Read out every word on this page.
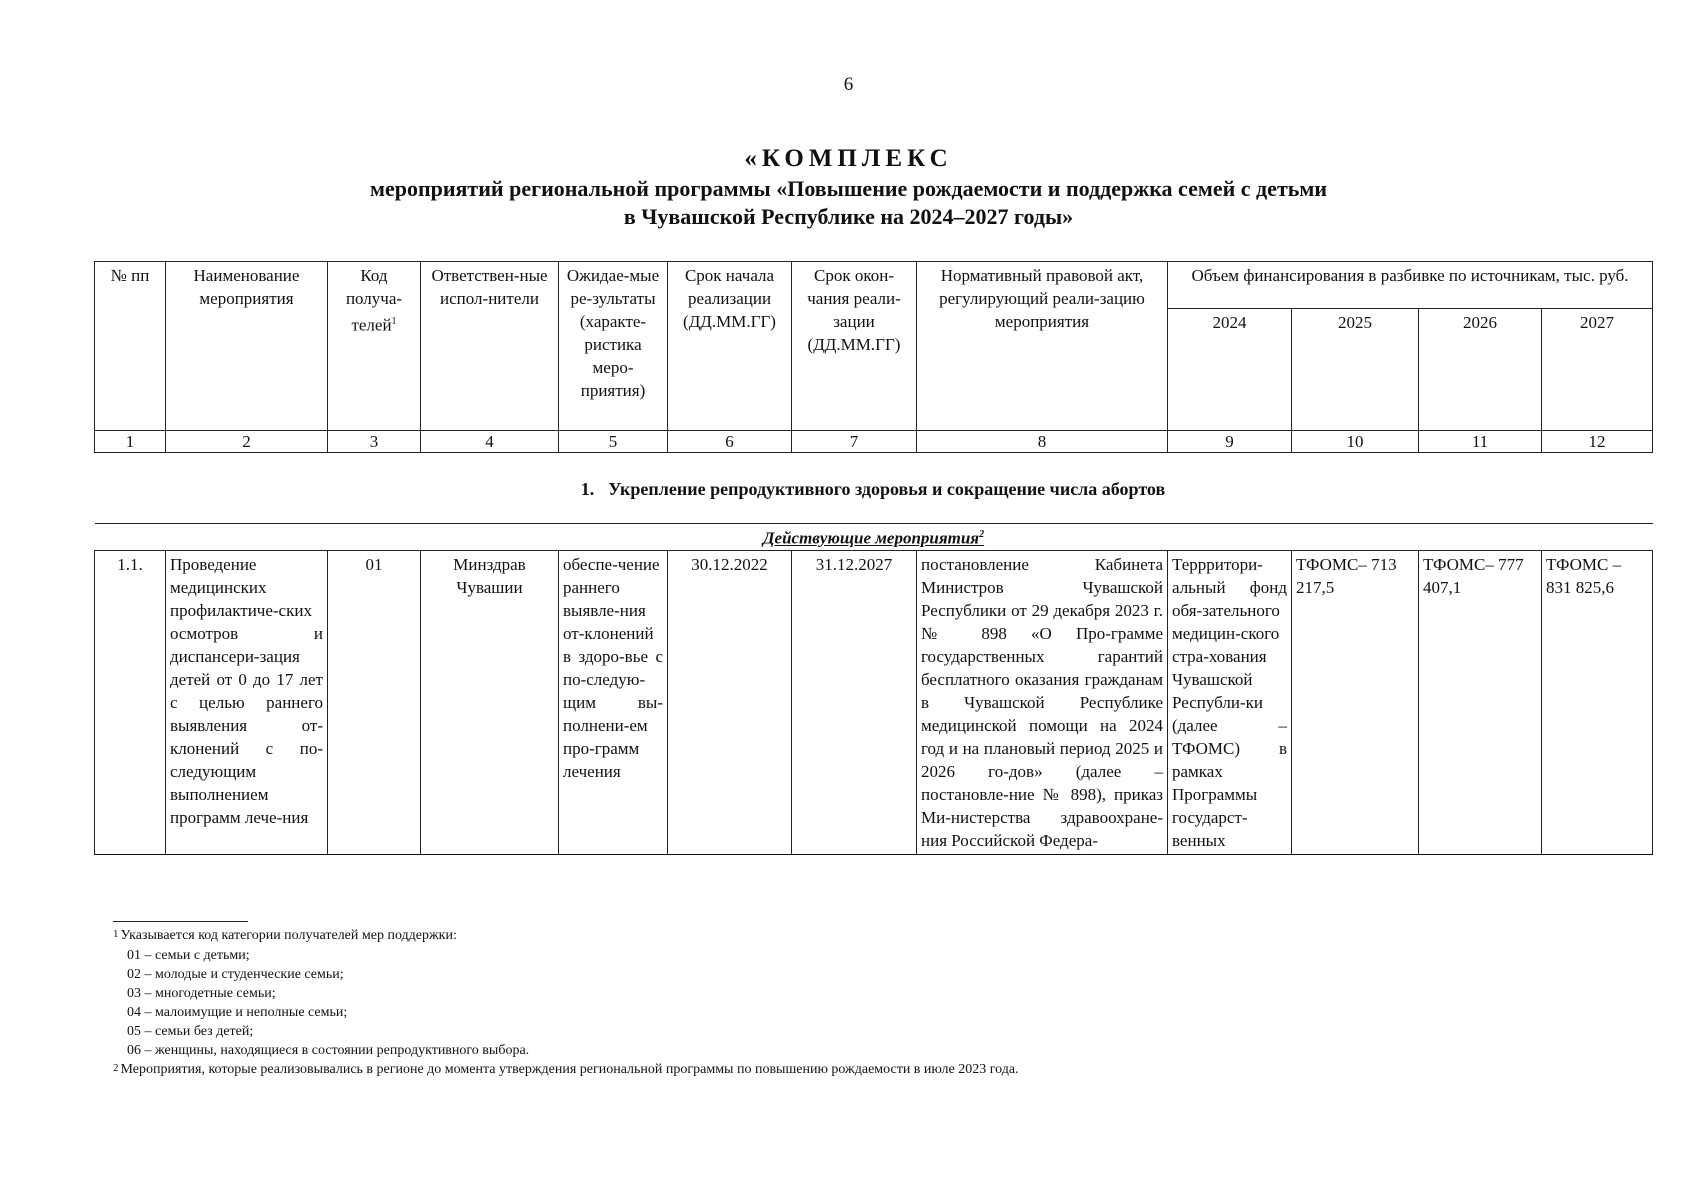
6
«КОМПЛЕКС
мероприятий региональной программы «Повышение рождаемости и поддержка семей с детьми
в Чувашской Республике на 2024–2027 годы»
№ пп	Наименование мероприятия	Код получа-телей$^1$	Ответствен-ные испол-нители	Ожидае-мые ре-зультаты (характе-ристика меро-приятия)	Срок начала реализации (ДД.ММ.ГГ)	Срок окон-чания реали-зации (ДД.ММ.ГГ)	Нормативный правовой акт, регулирующий реали-зацию мероприятия	Объем финансирования в разбивке по источникам, тыс. руб.			
								2024	2025	2026	2027
1	2	3	4	5	6	7	8	9	10	11	12
1. Укрепление репродуктивного здоровья и сокращение числа абортов
Действующие мероприятия$^2$
1.1.	Проведение медицинских профилактиче-ских осмотров и диспансери-зация детей от 0 до 17 лет с целью раннего выявления от-клонений с по-следующим выполнением программ лече-ния	01	Минздрав Чувашии	обеспе-чение раннего выявле-ния от-клонений в здоро-вье с по-следую-щим вы-полнени-ем про-грамм лечения	30.12.2022	31.12.2027	постановление Кабинета Министров Чувашской Республики от 29 декабря 2023 г. № 898 «О Про-грамме государственных гарантий бесплатного оказания гражданам в Чувашской Республике медицинской помощи на 2024 год и на плановый период 2025 и 2026 го-дов» (далее – постановле-ние № 898), приказ Ми-нистерства здравоохране-ния Российской Федера-	Террритори-альный фонд обя-зательного медицин-ского стра-хования Чувашской Республи-ки (далее – ТФОМС) в рамках Программы государст-венных	ТФОМС– 713 217,5	ТФОМС– 777 407,1	ТФОМС – 831 825,6
$^1$ Указывается код категории получателей мер поддержки:
01 – семьи с детьми;
02 – молодые и студенческие семьи;
03 – многодетные семьи;
04 – малоимущие и неполные семьи;
05 – семьи без детей;
06 – женщины, находящиеся в состоянии репродуктивного выбора.
$^2$ Мероприятия, которые реализовывались в регионе до момента утверждения региональной программы по повышению рождаемости в июле 2023 года.
